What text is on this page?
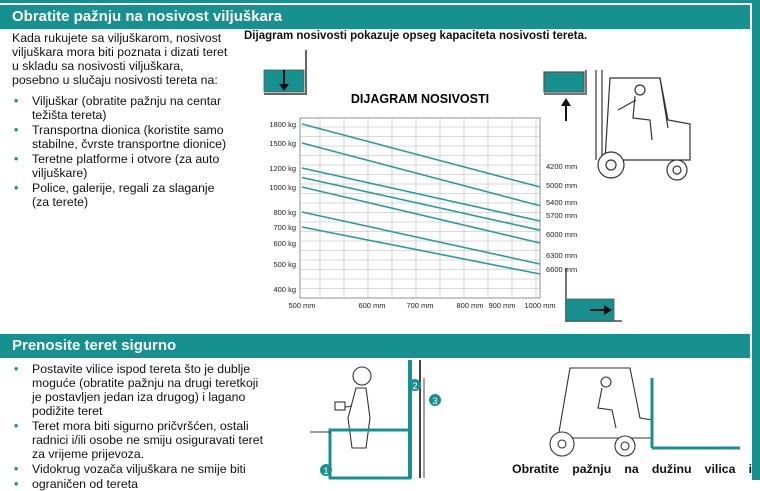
Obratite pažnju na nosivost viljuškara
Kada rukujete sa viljuškarom, nosivost viljuškara mora biti poznata i dizati teret u skladu sa nosivosti viljuškara, posebno u slučaju nosivosti tereta na:
• Viljuškar (obratite pažnju na centar težišta tereta)
• Transportna dionica (koristite samo stabilne, čvrste transportne dionice)
• Teretne platforme i otvore (za auto viljuškare)
• Police, galerije, regali za slaganje (za terete)
Dijagram nosivosti pokazuje opseg kapaciteta nosivosti tereta.
DIJAGRAM NOSIVOSTI
1800 kg
1500 kg
1200 kg
1000 kg
800 kg
700 kg
600 kg
500 kg
400 kg
500 mm	600 mm	700 mm	800 mm 900 mm 1000 mm
4200 mm
5000 mm
5400 mm
5700 mm
6000 mm
6300 mm
6600 mm
Prenosite teret sigurno
• Postavite vilice ispod tereta što je dublje moguće (obratite pažnju na drugi teretkoji je postavljen jedan iza drugog) i lagano podižite teret
• Teret mora biti sigurno pričvršćen, ostali radnici i/ili osobe ne smiju osiguravati teret za vrijeme prijevoza.
• Vidokrug vozača viljuškara ne smije biti
• ograničen od tereta
1
2
3
Obratite pažnju na dužinu vilica i
